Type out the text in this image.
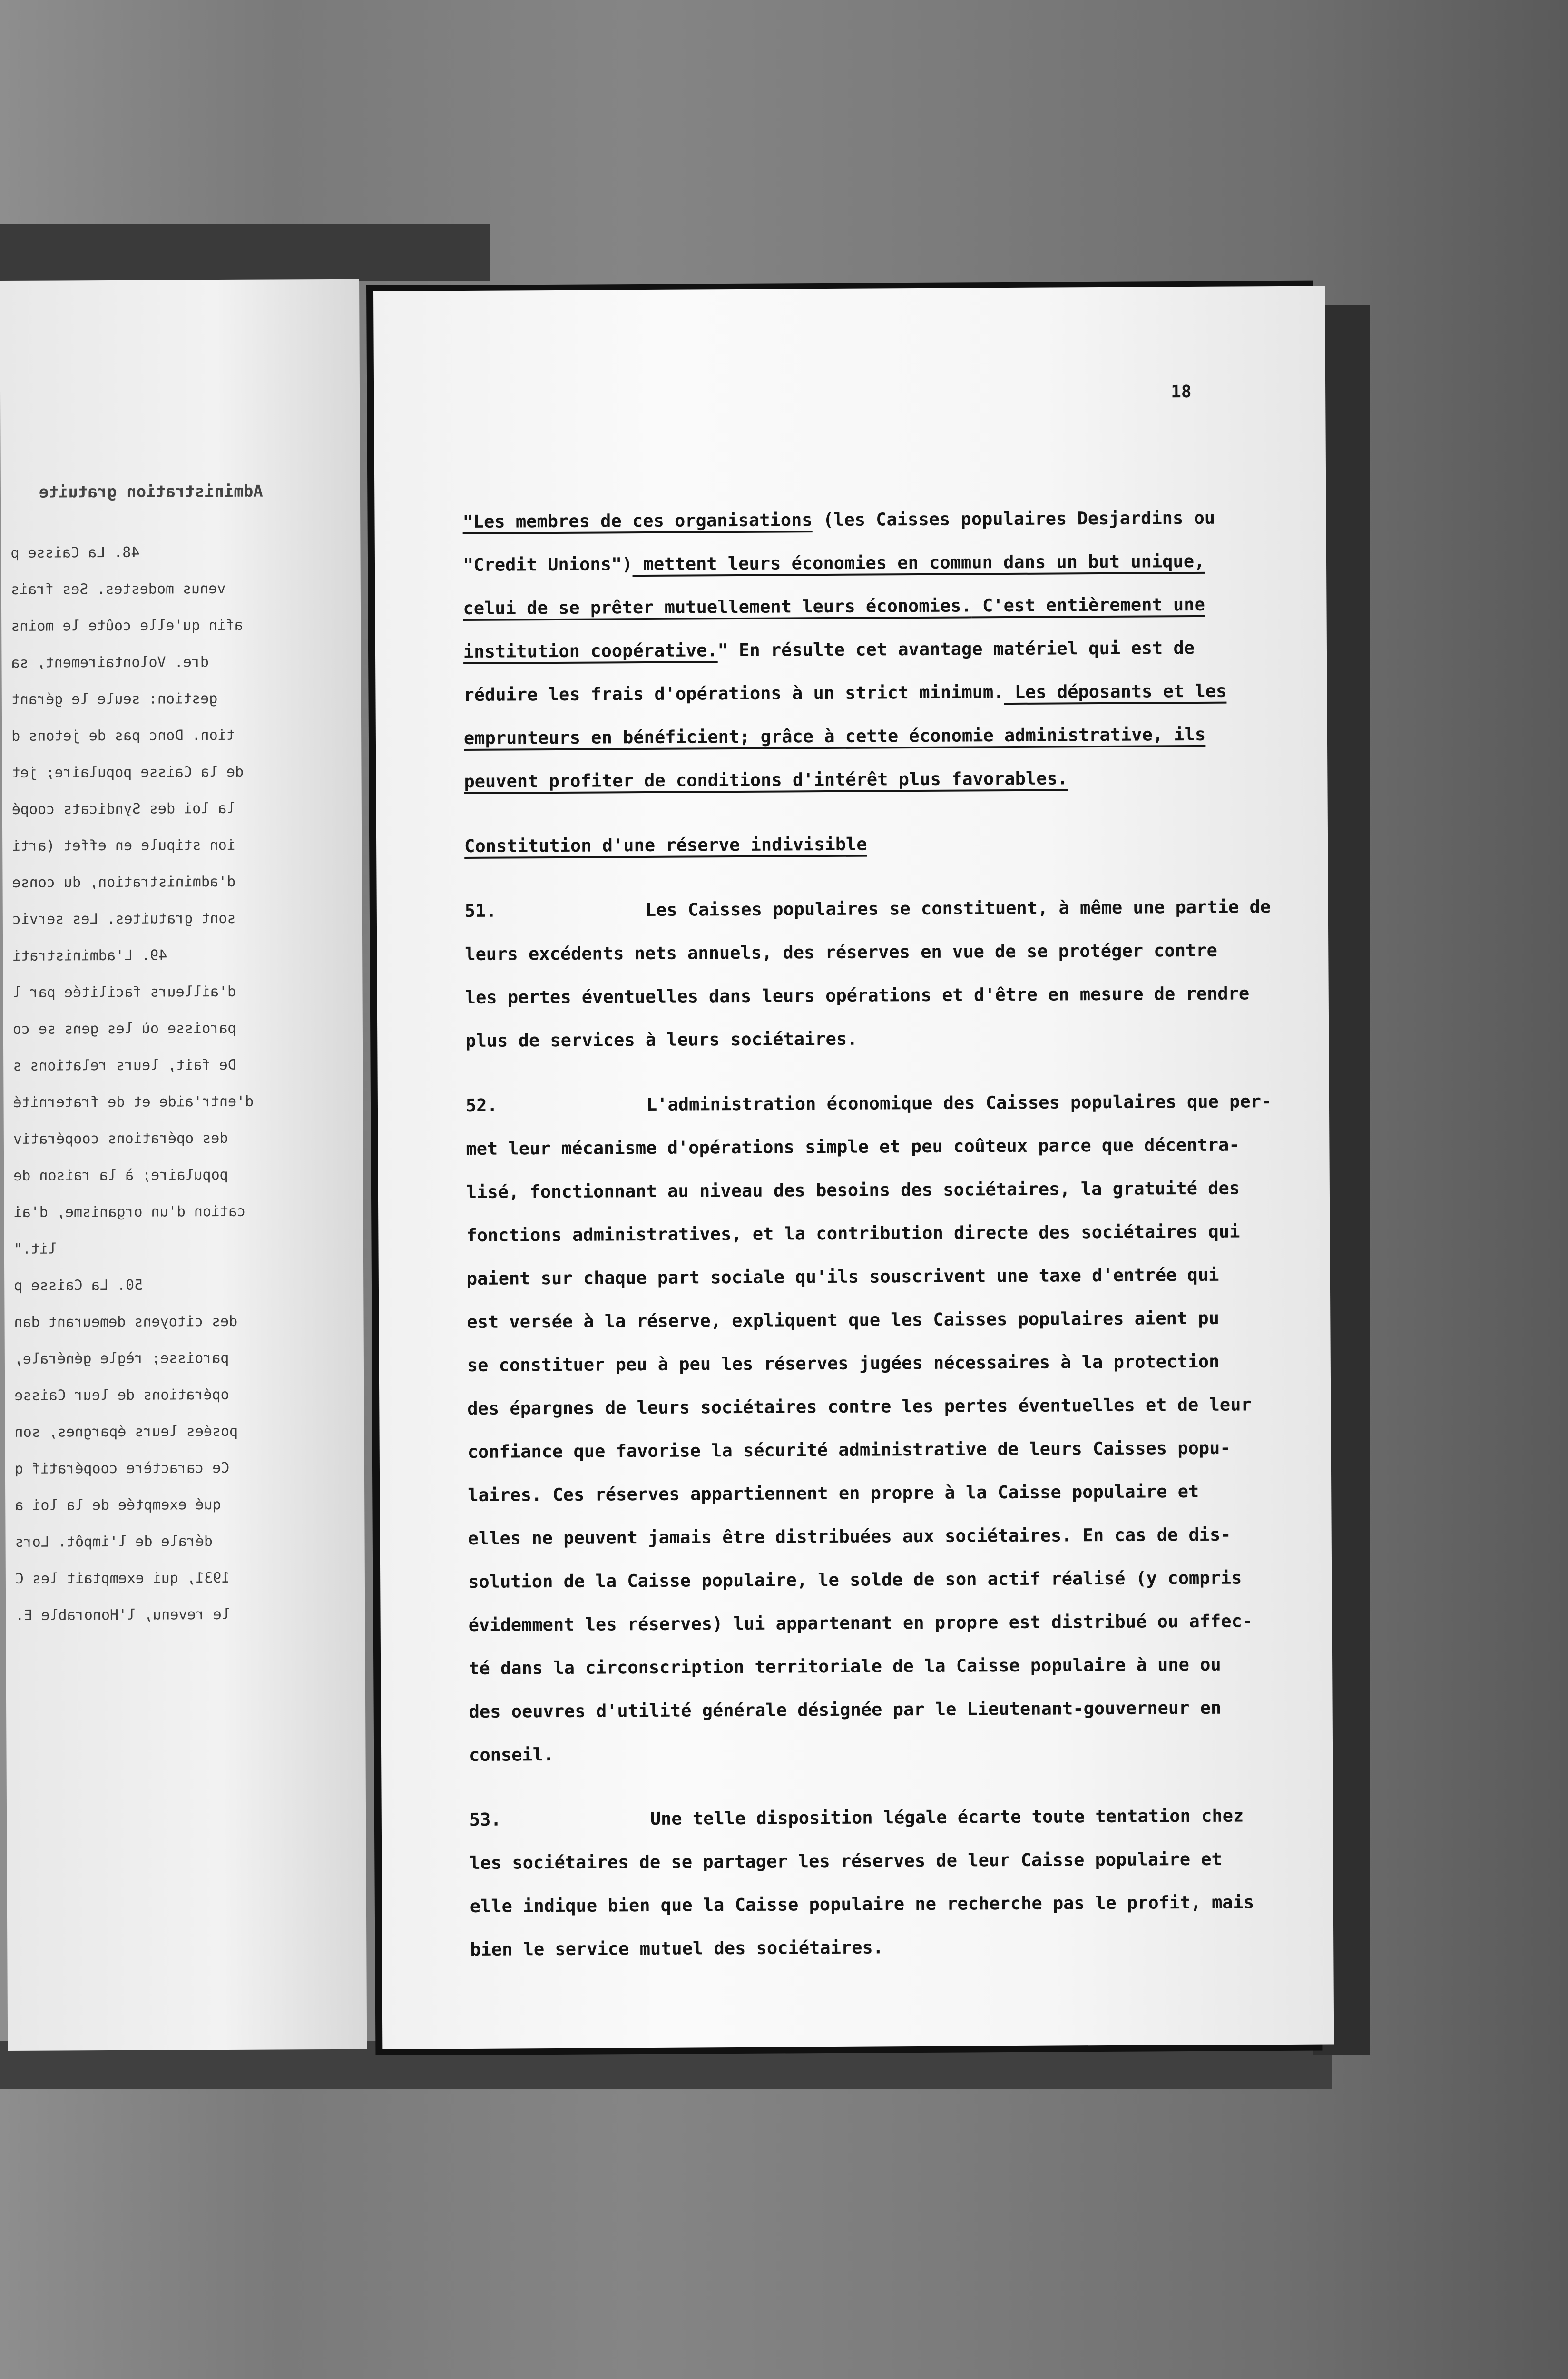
Administration gratuite
48. La Caisse p
venus modestes. Ses frais
afin qu'elle coûte le moins
dre. Volontairement, sa
gestion: seule le gérant
tion. Donc pas de jetons d
de la Caisse populaire; jet
la loi des Syndicats coopé
ion stipule en effet (arti
d'administration, du conse
sont gratuites. Les servic
49. L'administrati
d'ailleurs facilitée par l
paroisse où les gens se co
De fait, leurs relations s
d'entr'aide et de fraternité
des opérations coopérativ
populaire; à la raison de
cation d'un organisme, d'ai
lit."
50. La Caisse p
des citoyens demeurant dan
paroisse; règle générale,
opérations de leur Caisse
posées leurs épargnes, son
Ce caractère coopératif q
qué exemptée de la loi a
dérale de l'impôt. Lors
1931, qui exemptait les C
le revenu, l'Honorable E.
18
"Les membres de ces organisations (les Caisses populaires Desjardins ou
"Credit Unions") mettent leurs économies en commun dans un but unique,
celui de se prêter mutuellement leurs économies. C'est entièrement une
institution coopérative." En résulte cet avantage matériel qui est de
réduire les frais d'opérations à un strict minimum. Les déposants et les
emprunteurs en bénéficient; grâce à cette économie administrative, ils
peuvent profiter de conditions d'intérêt plus favorables.
Constitution d'une réserve indivisible
51.	Les Caisses populaires se constituent, à même une partie de
leurs excédents nets annuels, des réserves en vue de se protéger contre
les pertes éventuelles dans leurs opérations et d'être en mesure de rendre
plus de services à leurs sociétaires.
52.	L'administration économique des Caisses populaires que per-
met leur mécanisme d'opérations simple et peu coûteux parce que décentra-
lisé, fonctionnant au niveau des besoins des sociétaires, la gratuité des
fonctions administratives, et la contribution directe des sociétaires qui
paient sur chaque part sociale qu'ils souscrivent une taxe d'entrée qui
est versée à la réserve, expliquent que les Caisses populaires aient pu
se constituer peu à peu les réserves jugées nécessaires à la protection
des épargnes de leurs sociétaires contre les pertes éventuelles et de leur
confiance que favorise la sécurité administrative de leurs Caisses popu-
laires. Ces réserves appartiennent en propre à la Caisse populaire et
elles ne peuvent jamais être distribuées aux sociétaires. En cas de dis-
solution de la Caisse populaire, le solde de son actif réalisé (y compris
évidemment les réserves) lui appartenant en propre est distribué ou affec-
té dans la circonscription territoriale de la Caisse populaire à une ou
des oeuvres d'utilité générale désignée par le Lieutenant-gouverneur en
conseil.
53.	Une telle disposition légale écarte toute tentation chez
les sociétaires de se partager les réserves de leur Caisse populaire et
elle indique bien que la Caisse populaire ne recherche pas le profit, mais
bien le service mutuel des sociétaires.
